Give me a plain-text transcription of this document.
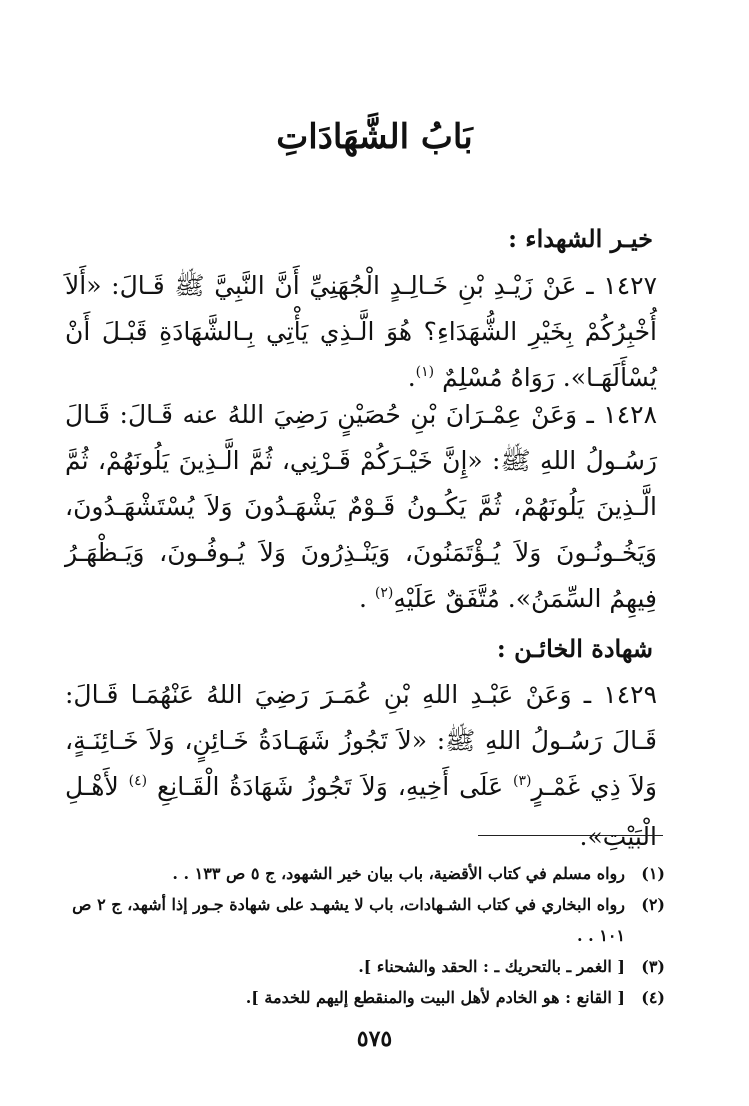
بَابُ الشَّهَادَاتِ
خيـر الشهداء :

١٤٢٧ ـ عَنْ زَيْـدِ بْنِ خَـالِـدٍ الْجُهَنِيِّ أَنَّ النَّبِيَّ ﷺ قَـالَ: «أَلاَ أُخْبِرُكُمْ بِخَيْرِ الشُّهَدَاءِ؟ هُوَ الَّـذِي يَأْتِي بِـالشَّهَادَةِ قَبْـلَ أَنْ يُسْأَلَهَـا». رَوَاهُ مُسْلِمٌ $^{(١)}$.

١٤٢٨ ـ وَعَنْ عِمْـرَانَ بْنِ حُصَيْنٍ رَضِيَ اللهُ عنه قَـالَ: قَـالَ رَسُـولُ اللهِ ﷺ: «إِنَّ خَيْـرَكُمْ قَـرْنِي، ثُمَّ الَّـذِينَ يَلُونَهُمْ، ثُمَّ الَّـذِينَ يَلُونَهُمْ، ثُمَّ يَكُـونُ قَـوْمٌ يَشْهَـدُونَ وَلاَ يُسْتَشْهَـدُونَ، وَيَخُـونُـونَ وَلاَ يُـؤْتَمَنُونَ، وَيَنْـذِرُونَ وَلاَ يُـوفُـونَ، وَيَـظْهَـرُ فِيهِمُ السِّمَنُ». مُتَّفَقٌ عَلَيْهِ$^{(٢)}$ .

شهادة الخائـن :

١٤٢٩ ـ وَعَنْ عَبْـدِ اللهِ بْنِ عُمَـرَ رَضِيَ اللهُ عَنْهُمَـا قَـالَ: قَـالَ رَسُـولُ اللهِ ﷺ: «لاَ تَجُوزُ شَهَـادَةُ خَـائِنٍ، وَلاَ خَـائِنَـةٍ، وَلاَ ذِي غَمْـرٍ$^{(٣)}$ عَلَى أَخِيهِ، وَلاَ تَجُوزُ شَهَادَةُ الْقَـانِعِ $^{(٤)}$ لأَهْـلِ الْبَيْتِ».

(١)
رواه مسلم في كتاب الأقضية، باب بيان خير الشهود، ج ٥ ص ١٣٣ . .
(٢)
رواه البخاري في كتاب الشـهادات، باب لا يشهـد على شهادة جـور إذا أشهد، ج ٢ ص ١٠١ . .
(٣)
[ الغمر ـ بالتحريك ـ : الحقد والشحناء ].
(٤)
[ القانع : هو الخادم لأهل البيت والمنقطع إليهم للخدمة ].
٥٧٥
